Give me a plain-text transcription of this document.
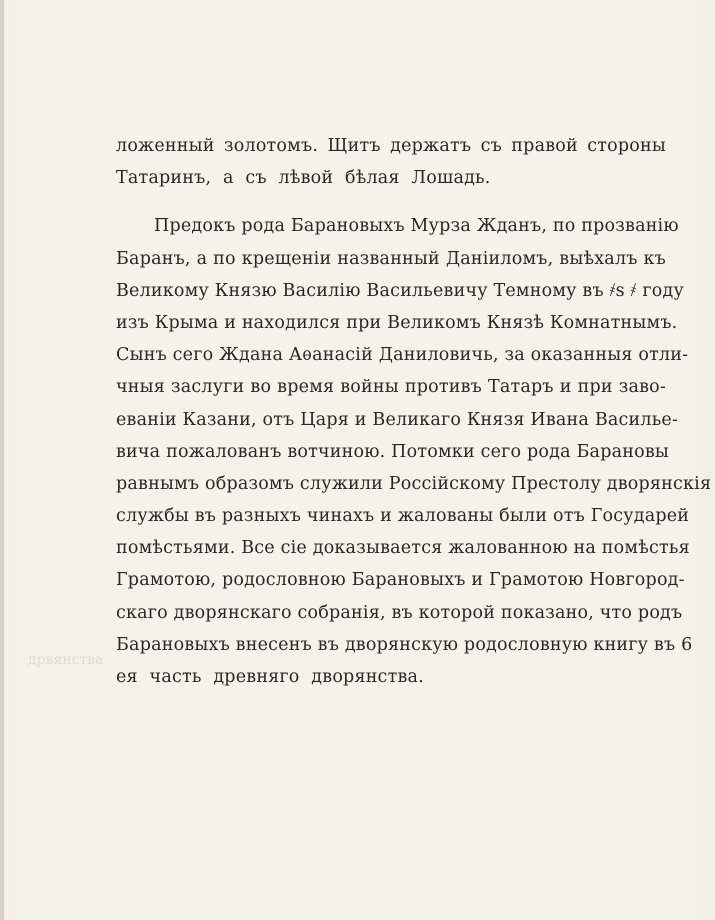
ложенный золотомъ. Щитъ держатъ съ правой стороны
Татаринъ, а съ лѣвой бѣлая Лошадь.
Предокъ рода Барановыхъ Мурза Жданъ, по прозванію
Баранъ, а по крещеніи названный Даніиломъ, выѣхалъ къ
Великому Князю Василію Васильевичу Темному въ ҂ѕ ҂ году
изъ Крыма и находился при Великомъ Князѣ Комнатнымъ.
Сынъ сего Ждана Аѳанасій Даниловичь, за оказанныя отли-
чныя заслуги во время войны противъ Татаръ и при заво-
еваніи Казани, отъ Царя и Великаго Князя Ивана Василье-
вича пожалованъ вотчиною. Потомки сего рода Барановы
равнымъ образомъ служили Россійскому Престолу дворянскія
службы въ разныхъ чинахъ и жалованы были отъ Государей
помѣстьями. Все сіе доказывается жалованною на помѣстья
Грамотою, родословною Барановыхъ и Грамотою Новгород-
скаго дворянскаго собранія, въ которой показано, что родъ
Барановыхъ внесенъ въ дворянскую родословную книгу въ 6
ея часть древняго дворянства.
дрвянства
